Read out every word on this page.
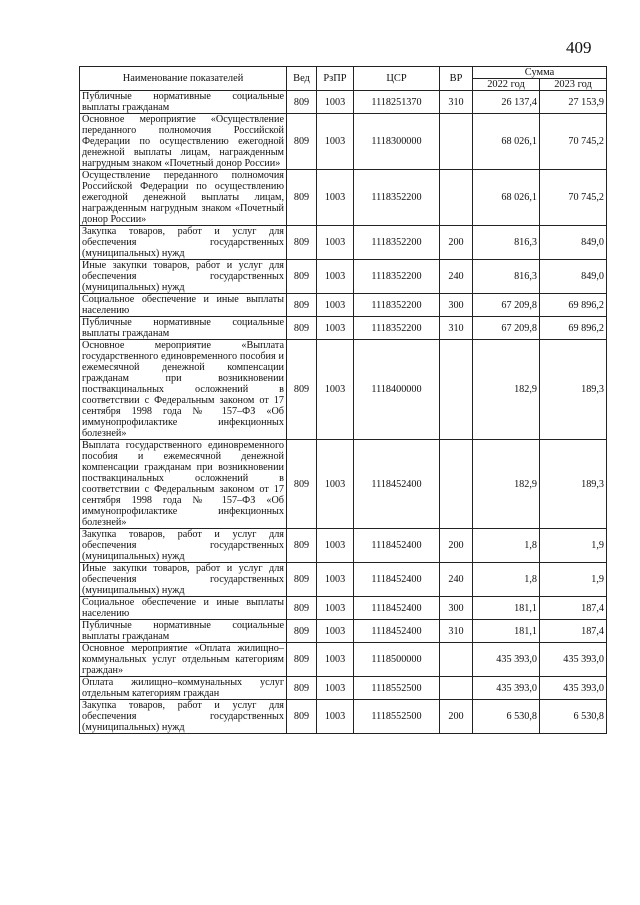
409
Наименование показателей	Вед	РзПР	ЦСР	ВР	Сумма	
					2022 год	2023 год
Публичные нормативные социальные выплаты гражданам	809	1003	1118251370	310	26 137,4	27 153,9
Основное мероприятие «Осуществление переданного полномочия Российской Федерации по осуществлению ежегодной денежной выплаты лицам, награжденным нагрудным знаком «Почетный донор России»	809	1003	1118300000		68 026,1	70 745,2
Осуществление переданного полномочия Российской Федерации по осуществлению ежегодной денежной выплаты лицам, награжденным нагрудным знаком «Почетный донор России»	809	1003	1118352200		68 026,1	70 745,2
Закупка товаров, работ и услуг для обеспечения государственных (муниципальных) нужд	809	1003	1118352200	200	816,3	849,0
Иные закупки товаров, работ и услуг для обеспечения государственных (муниципальных) нужд	809	1003	1118352200	240	816,3	849,0
Социальное обеспечение и иные выплаты населению	809	1003	1118352200	300	67 209,8	69 896,2
Публичные нормативные социальные выплаты гражданам	809	1003	1118352200	310	67 209,8	69 896,2
Основное мероприятие «Выплата государственного единовременного пособия и ежемесячной денежной компенсации гражданам при возникновении поствакцинальных осложнений в соответствии с Федеральным законом от 17 сентября 1998 года № 157–ФЗ «Об иммунопрофилактике инфекционных болезней»	809	1003	1118400000		182,9	189,3
Выплата государственного единовременного пособия и ежемесячной денежной компенсации гражданам при возникновении поствакцинальных осложнений в соответствии с Федеральным законом от 17 сентября 1998 года № 157–ФЗ «Об иммунопрофилактике инфекционных болезней»	809	1003	1118452400		182,9	189,3
Закупка товаров, работ и услуг для обеспечения государственных (муниципальных) нужд	809	1003	1118452400	200	1,8	1,9
Иные закупки товаров, работ и услуг для обеспечения государственных (муниципальных) нужд	809	1003	1118452400	240	1,8	1,9
Социальное обеспечение и иные выплаты населению	809	1003	1118452400	300	181,1	187,4
Публичные нормативные социальные выплаты гражданам	809	1003	1118452400	310	181,1	187,4
Основное мероприятие «Оплата жилищно–коммунальных услуг отдельным категориям граждан»	809	1003	1118500000		435 393,0	435 393,0
Оплата жилищно–коммунальных услуг отдельным категориям граждан	809	1003	1118552500		435 393,0	435 393,0
Закупка товаров, работ и услуг для обеспечения государственных (муниципальных) нужд	809	1003	1118552500	200	6 530,8	6 530,8
